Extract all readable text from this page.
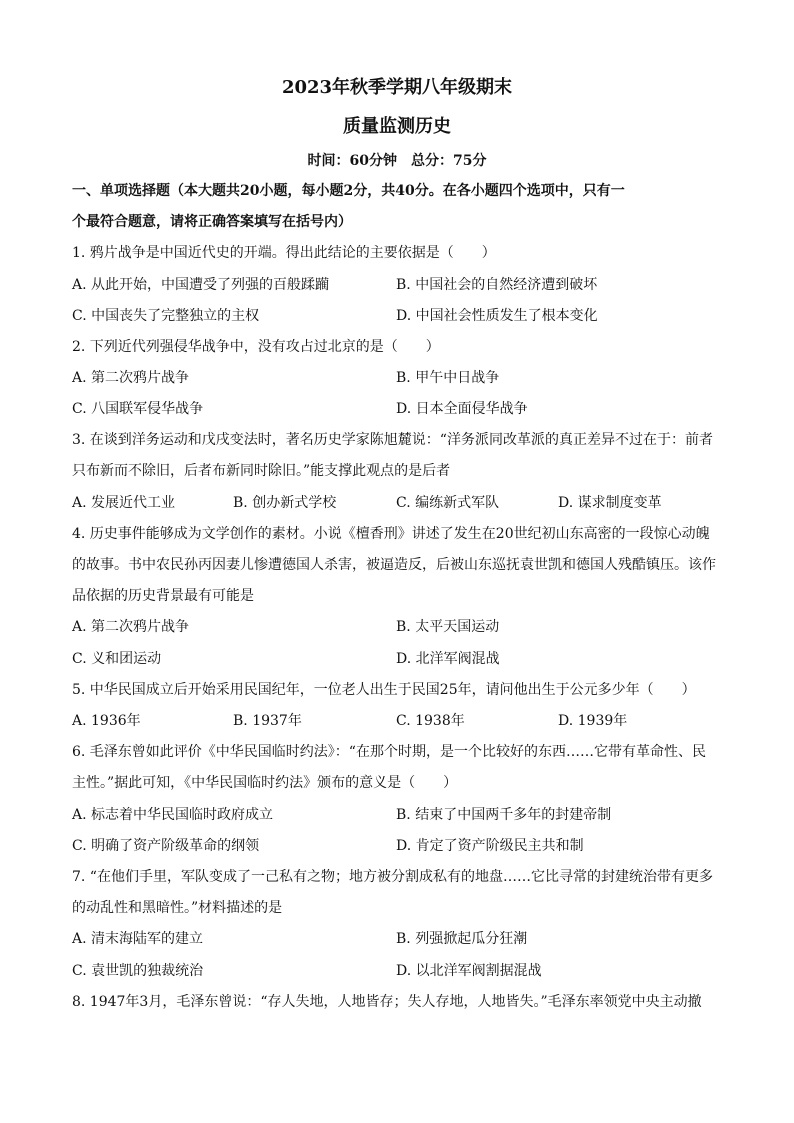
2023年秋季学期八年级期末
质量监测历史
时间：60分钟　总分：75分
一、单项选择题（本大题共20小题，每小题2分，共40分。在各小题四个选项中，只有一
个最符合题意，请将正确答案填写在括号内）
1. 鸦片战争是中国近代史的开端。得出此结论的主要依据是（　　）
A. 从此开始，中国遭受了列强的百般蹂躏	B. 中国社会的自然经济遭到破坏
C. 中国丧失了完整独立的主权	D. 中国社会性质发生了根本变化
2. 下列近代列强侵华战争中，没有攻占过北京的是（　　）
A. 第二次鸦片战争	B. 甲午中日战争
C. 八国联军侵华战争	D. 日本全面侵华战争
3. 在谈到洋务运动和戊戌变法时，著名历史学家陈旭麓说：“洋务派同改革派的真正差异不过在于：前者
只布新而不除旧，后者布新同时除旧。”能支撑此观点的是后者
A. 发展近代工业	B. 创办新式学校	C. 编练新式军队	D. 谋求制度变革
4. 历史事件能够成为文学创作的素材。小说《檀香刑》讲述了发生在20世纪初山东高密的一段惊心动魄
的故事。书中农民孙丙因妻儿惨遭德国人杀害，被逼造反，后被山东巡抚袁世凯和德国人残酷镇压。该作
品依据的历史背景最有可能是
A. 第二次鸦片战争	B. 太平天国运动
C. 义和团运动	D. 北洋军阀混战
5. 中华民国成立后开始采用民国纪年，一位老人出生于民国25年，请问他出生于公元多少年（　　）
A. 1936年	B. 1937年	C. 1938年	D. 1939年
6. 毛泽东曾如此评价《中华民国临时约法》：“在那个时期，是一个比较好的东西……它带有革命性、民
主性。”据此可知，《中华民国临时约法》颁布的意义是（　　）
A. 标志着中华民国临时政府成立	B. 结束了中国两千多年的封建帝制
C. 明确了资产阶级革命的纲领	D. 肯定了资产阶级民主共和制
7. “在他们手里，军队变成了一己私有之物；地方被分割成私有的地盘……它比寻常的封建统治带有更多
的动乱性和黑暗性。”材料描述的是
A. 清末海陆军的建立	B. 列强掀起瓜分狂潮
C. 袁世凯的独裁统治	D. 以北洋军阀割据混战
8. 1947年3月，毛泽东曾说：“存人失地，人地皆存；失人存地，人地皆失。”毛泽东率领党中央主动撤
